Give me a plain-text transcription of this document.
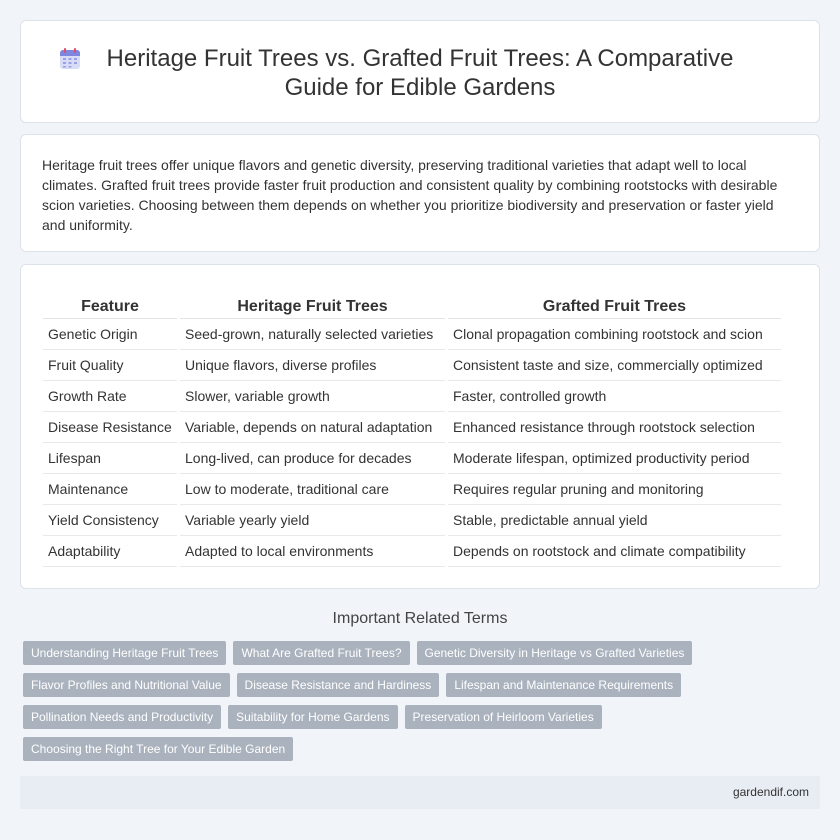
Heritage Fruit Trees vs. Grafted Fruit Trees: A Comparative Guide for Edible Gardens

Heritage fruit trees offer unique flavors and genetic diversity, preserving traditional varieties that adapt well to local climates. Grafted fruit trees provide faster fruit production and consistent quality by combining rootstocks with desirable scion varieties. Choosing between them depends on whether you prioritize biodiversity and preservation or faster yield and uniformity.

Feature	Heritage Fruit Trees	Grafted Fruit Trees
Genetic Origin	Seed-grown, naturally selected varieties	Clonal propagation combining rootstock and scion
Fruit Quality	Unique flavors, diverse profiles	Consistent taste and size, commercially optimized
Growth Rate	Slower, variable growth	Faster, controlled growth
Disease Resistance	Variable, depends on natural adaptation	Enhanced resistance through rootstock selection
Lifespan	Long-lived, can produce for decades	Moderate lifespan, optimized productivity period
Maintenance	Low to moderate, traditional care	Requires regular pruning and monitoring
Yield Consistency	Variable yearly yield	Stable, predictable annual yield
Adaptability	Adapted to local environments	Depends on rootstock and climate compatibility
Important Related Terms
Understanding Heritage Fruit Trees	What Are Grafted Fruit Trees?	Genetic Diversity in Heritage vs Grafted Varieties
Flavor Profiles and Nutritional Value	Disease Resistance and Hardiness	Lifespan and Maintenance Requirements
Pollination Needs and Productivity	Suitability for Home Gardens	Preservation of Heirloom Varieties
Choosing the Right Tree for Your Edible Garden
gardendif.com
